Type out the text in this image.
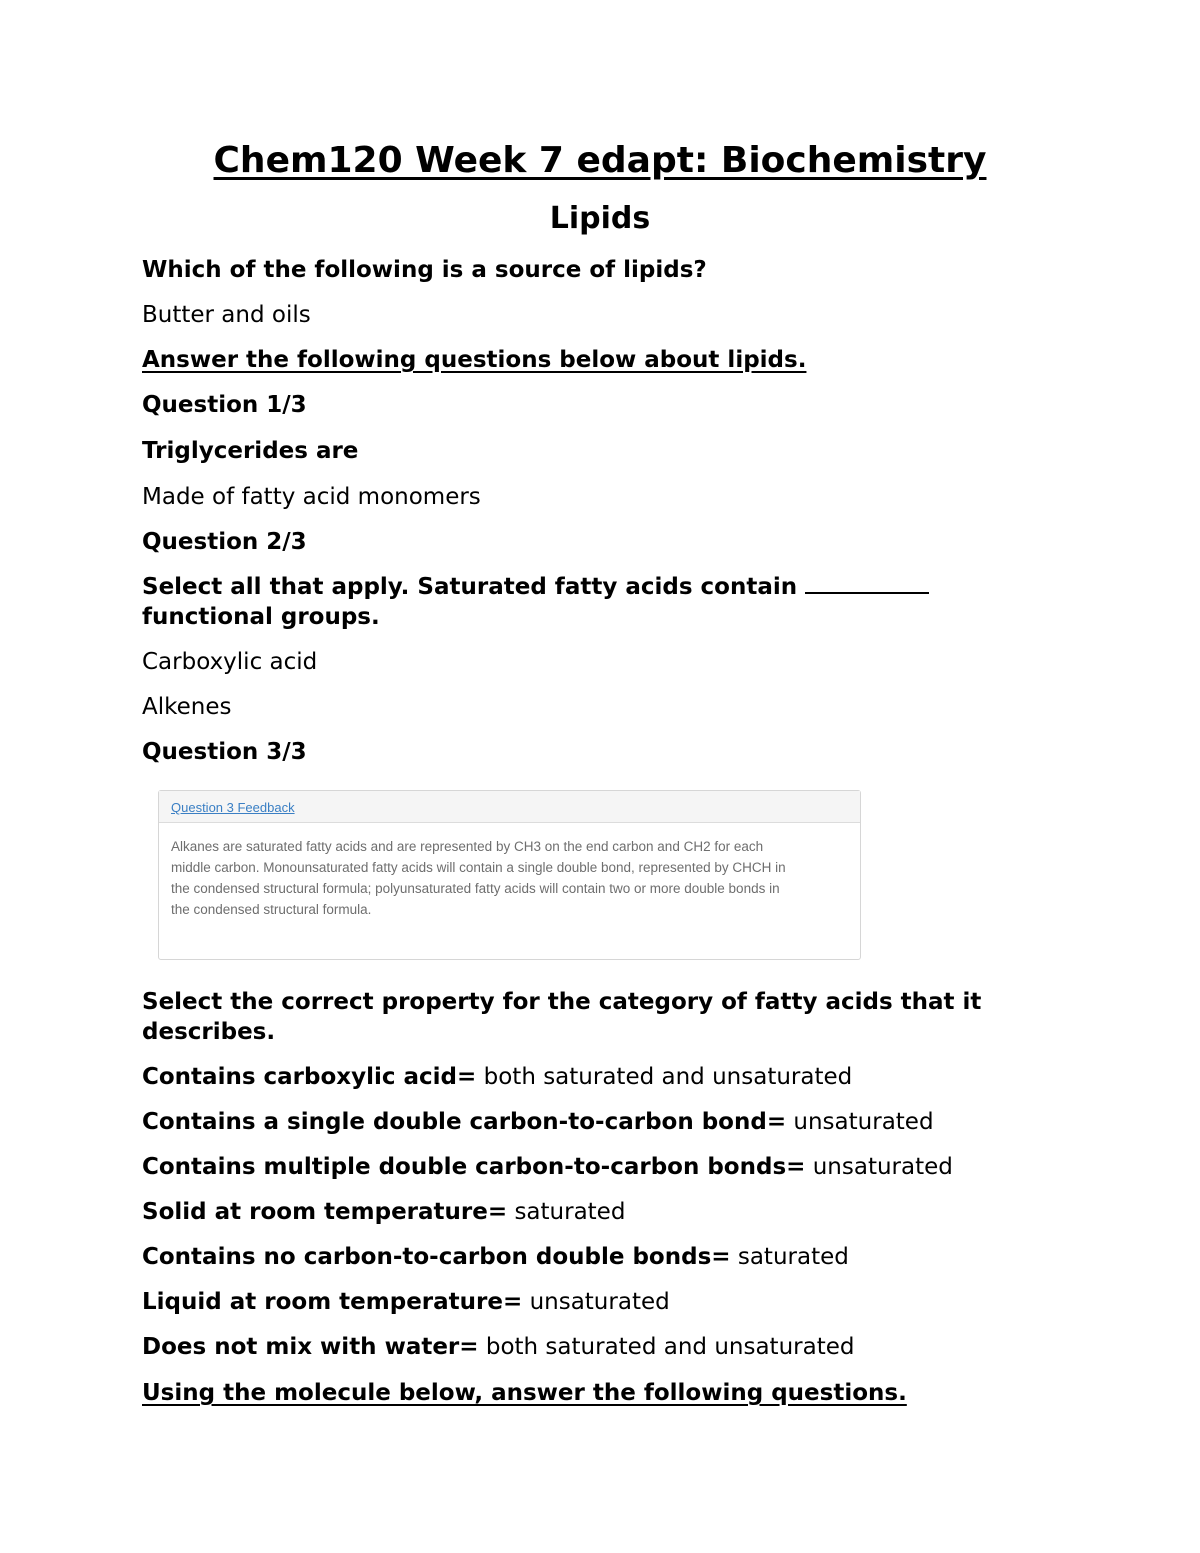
Chem120 Week 7 edapt: Biochemistry
Lipids
Which of the following is a source of lipids?
Butter and oils
Answer the following questions below about lipids.
Question 1/3
Triglycerides are
Made of fatty acid monomers
Question 2/3
Select all that apply. Saturated fatty acids contain
functional groups.
Carboxylic acid
Alkenes
Question 3/3
Question 3 Feedback
Alkanes are saturated fatty acids and are represented by CH3 on the end carbon and CH2 for each
middle carbon. Monounsaturated fatty acids will contain a single double bond, represented by CHCH in
the condensed structural formula; polyunsaturated fatty acids will contain two or more double bonds in
the condensed structural formula.
Select the correct property for the category of fatty acids that it describes.
Contains carboxylic acid= both saturated and unsaturated
Contains a single double carbon-to-carbon bond= unsaturated
Contains multiple double carbon-to-carbon bonds= unsaturated
Solid at room temperature= saturated
Contains no carbon-to-carbon double bonds= saturated
Liquid at room temperature= unsaturated
Does not mix with water= both saturated and unsaturated
Using the molecule below, answer the following questions.
